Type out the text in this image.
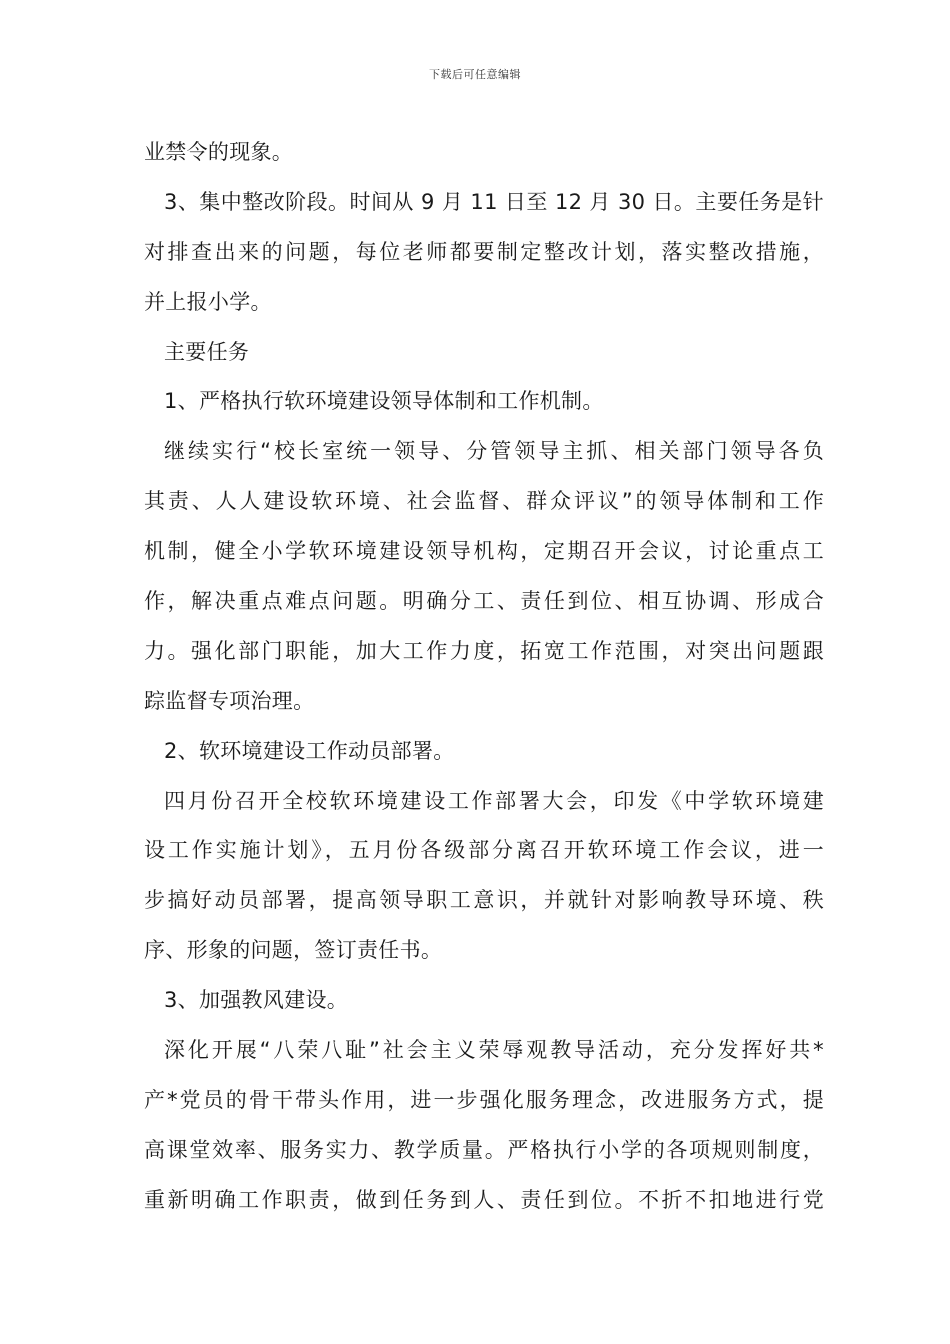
下载后可任意编辑
业禁令的现象。
3、集中整改阶段。时间从 9 月 11 日至 12 月 30 日。主要任务是针
对排查出来的问题，每位老师都要制定整改计划，落实整改措施，
并上报小学。
主要任务
1、严格执行软环境建设领导体制和工作机制。
继续实行“校长室统一领导、分管领导主抓、相关部门领导各负
其责、人人建设软环境、社会监督、群众评议”的领导体制和工作
机制，健全小学软环境建设领导机构，定期召开会议，讨论重点工
作，解决重点难点问题。明确分工、责任到位、相互协调、形成合
力。强化部门职能，加大工作力度，拓宽工作范围，对突出问题跟
踪监督专项治理。
2、软环境建设工作动员部署。
四月份召开全校软环境建设工作部署大会，印发《中学软环境建
设工作实施计划》，五月份各级部分离召开软环境工作会议，进一
步搞好动员部署，提高领导职工意识，并就针对影响教导环境、秩
序、形象的问题，签订责任书。
3、加强教风建设。
深化开展“八荣八耻”社会主义荣辱观教导活动，充分发挥好共*
产*党员的骨干带头作用，进一步强化服务理念，改进服务方式，提
高课堂效率、服务实力、教学质量。严格执行小学的各项规则制度，
重新明确工作职责，做到任务到人、责任到位。不折不扣地进行党
